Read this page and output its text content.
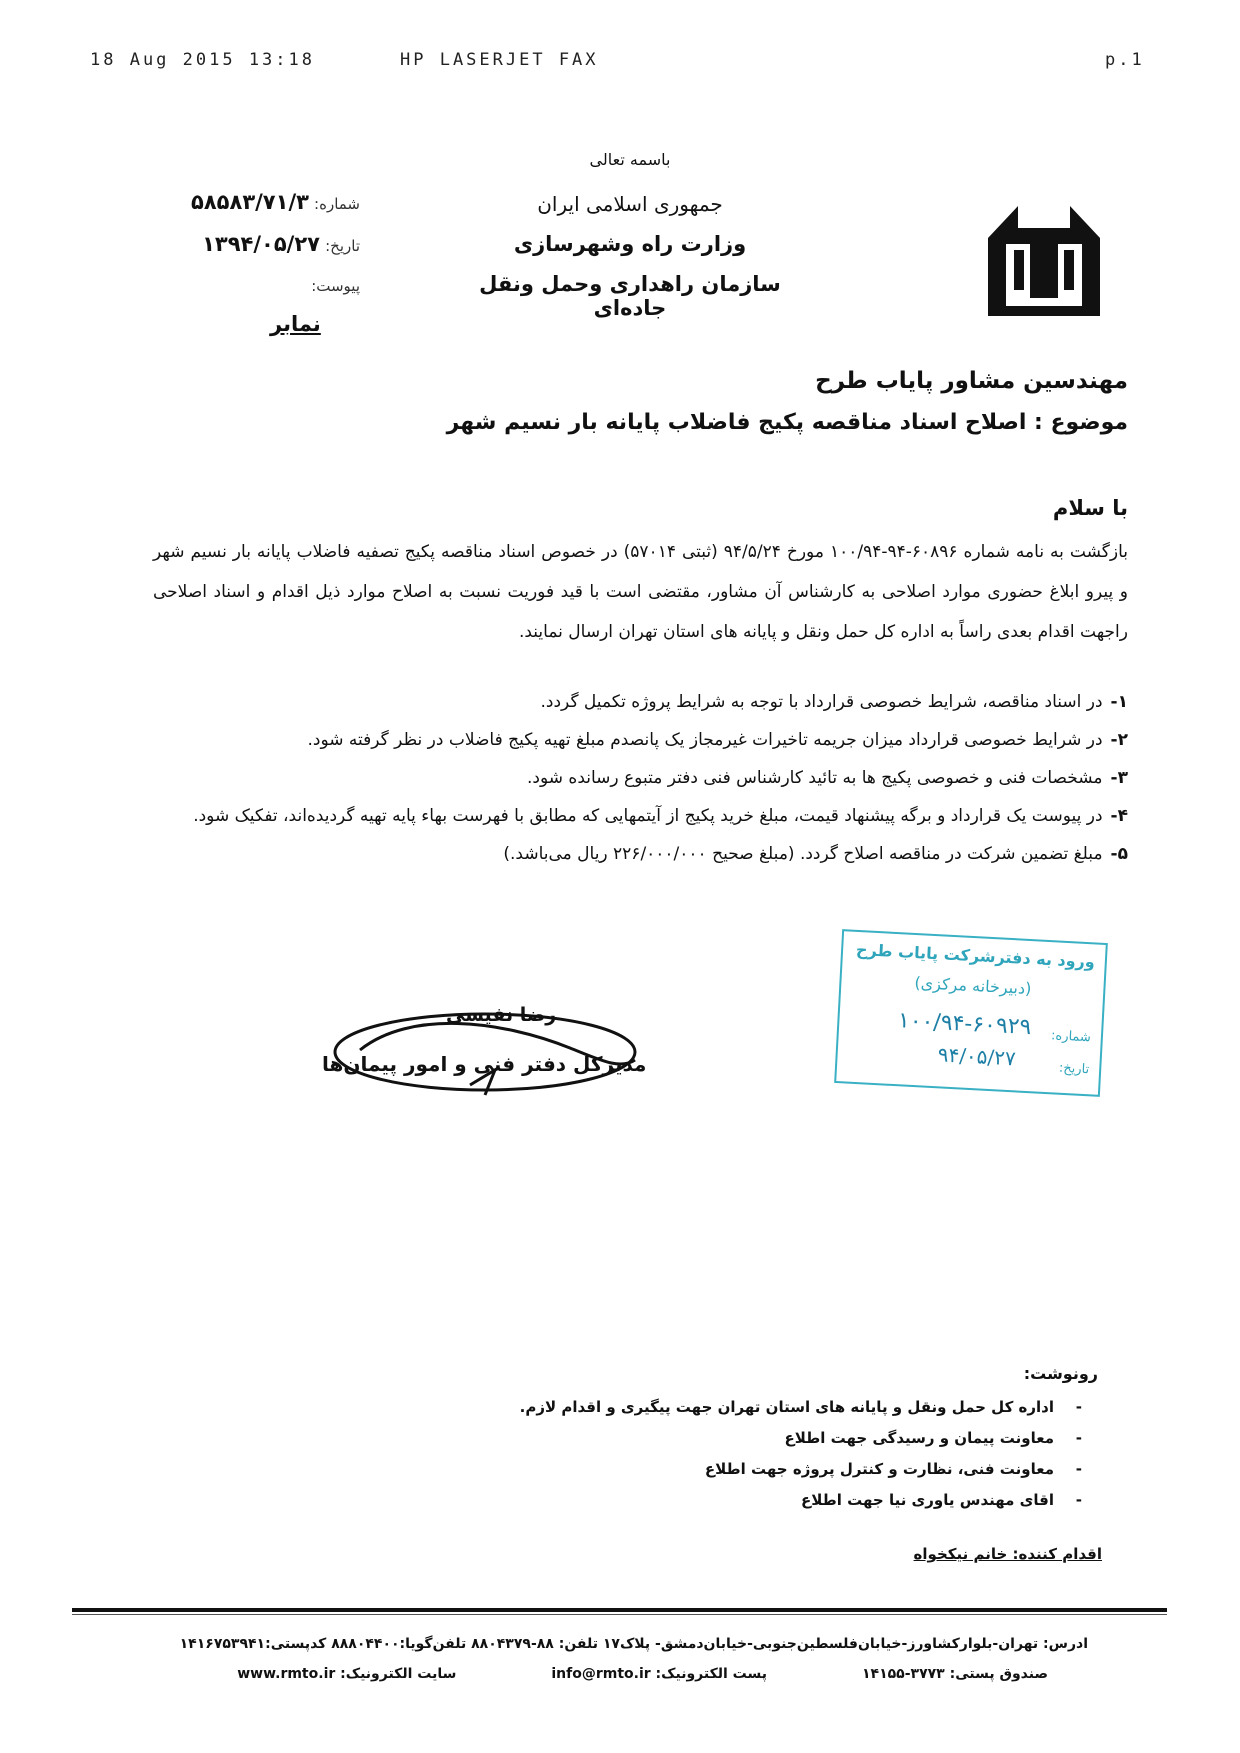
18 Aug 2015 13:18	HP LASERJET FAX	p.1
باسمه تعالی
جمهوری اسلامی ایران
وزارت راه وشهرسازی
سازمان راهداری وحمل ونقل جاده‌ای
شماره: ۵۸۵۸۳/۷۱/۳
تاریخ: ۱۳۹۴/۰۵/۲۷
پیوست:
نمابر
مهندسین مشاور پایاب طرح
موضوع : اصلاح اسناد مناقصه پکیج فاضلاب پایانه بار نسیم شهر
با سلام
بازگشت به نامه شماره ۶۰۸۹۶-۹۴-۱۰۰/۹۴ مورخ ۹۴/۵/۲۴ (ثبتی ۵۷۰۱۴) در خصوص اسناد مناقصه پکیج تصفیه فاضلاب پایانه بار نسیم شهر و پیرو ابلاغ حضوری موارد اصلاحی به کارشناس آن مشاور، مقتضی است با قید فوریت نسبت به اصلاح موارد ذیل اقدام و اسناد اصلاحی راجهت اقدام بعدی راساً به اداره کل حمل ونقل و پایانه های استان تهران ارسال نمایند.
۱-در اسناد مناقصه، شرایط خصوصی قرارداد با توجه به شرایط پروژه تکمیل گردد.
۲-در شرایط خصوصی قرارداد میزان جریمه تاخیرات غیرمجاز یک پانصدم مبلغ تهیه پکیج فاضلاب در نظر گرفته شود.
۳-مشخصات فنی و خصوصی پکیج ها به تائید کارشناس فنی دفتر متبوع رسانده شود.
۴-در پیوست یک قرارداد و برگه پیشنهاد قیمت، مبلغ خرید پکیج از آیتمهایی که مطابق با فهرست بهاء پایه تهیه گردیده‌اند، تفکیک شود.
۵-مبلغ تضمین شرکت در مناقصه اصلاح گردد. (مبلغ صحیح ۲۲۶/۰۰۰/۰۰۰ ریال می‌باشد.)
ورود به دفترشرکت پایاب طرح
(دبیرخانه مرکزی)
شماره:
۱۰۰/۹۴-۶۰۹۲۹
تاریخ:
۹۴/۰۵/۲۷
رضا نفیسی
مدیرکل دفتر فنی و امور پیمان‌ها
رونوشت:
-اداره کل حمل ونقل و پایانه های استان تهران جهت پیگیری و اقدام لازم.
-معاونت پیمان و رسیدگی جهت اطلاع
-معاونت فنی، نظارت و کنترل پروژه جهت اطلاع
-اقای مهندس یاوری نیا جهت اطلاع
اقدام کننده: خانم نیکخواه
ادرس: تهران-بلوارکشاورز-خیابان‌فلسطین‌جنوبی-خیابان‌دمشق- پلاک۱۷ تلفن: ۸۸-۸۸۰۴۳۷۹ تلفن‌گویا:۸۸۸۰۴۴۰۰ کدپستی:۱۴۱۶۷۵۳۹۴۱
صندوق پستی: ۳۷۷۳-۱۴۱۵۵پست الکترونیک: info@rmto.irسایت الکترونیک: www.rmto.ir
